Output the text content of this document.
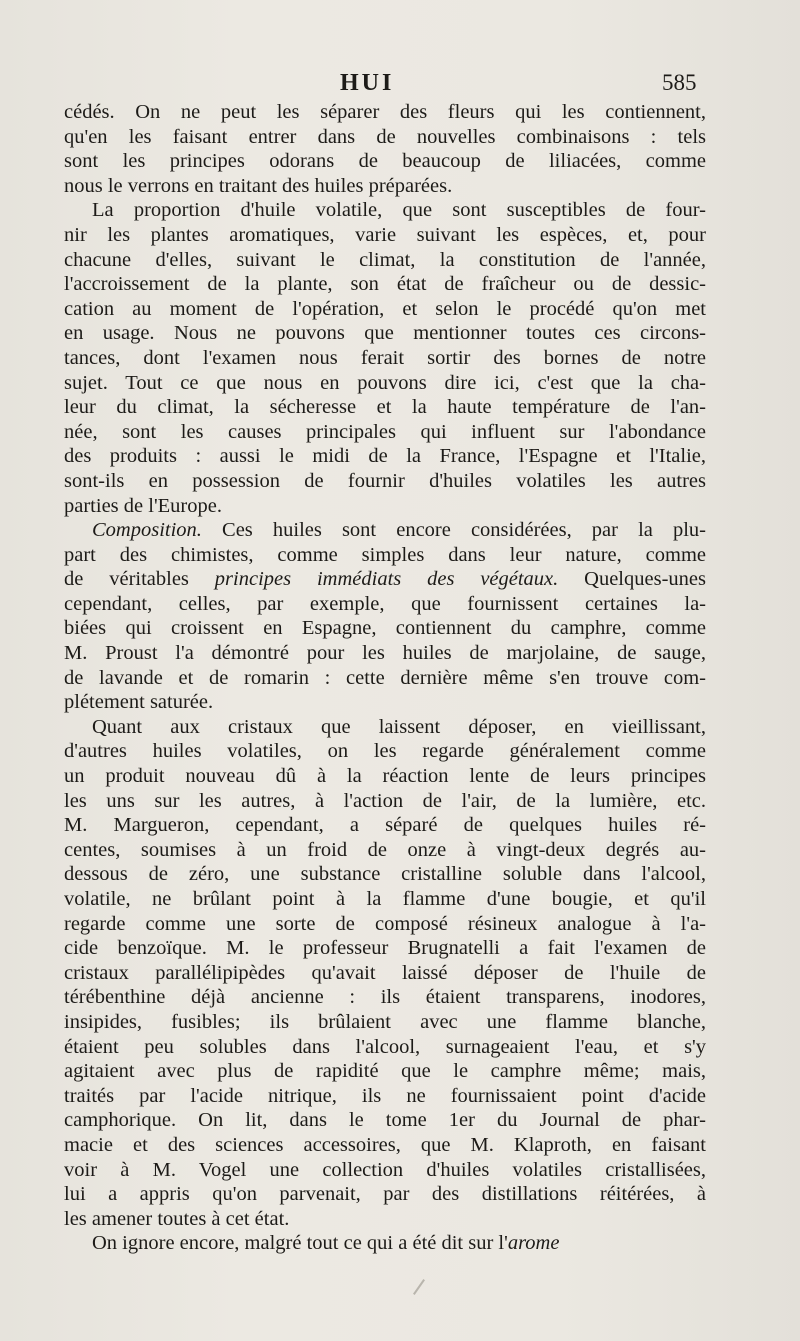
HUI	585
cédés. On ne peut les séparer des fleurs qui les contiennent,
qu'en les faisant entrer dans de nouvelles combinaisons : tels
sont les principes odorans de beaucoup de liliacées, comme
nous le verrons en traitant des huiles préparées.
La proportion d'huile volatile, que sont susceptibles de four-
nir les plantes aromatiques, varie suivant les espèces, et, pour
chacune d'elles, suivant le climat, la constitution de l'année,
l'accroissement de la plante, son état de fraîcheur ou de dessic-
cation au moment de l'opération, et selon le procédé qu'on met
en usage. Nous ne pouvons que mentionner toutes ces circons-
tances, dont l'examen nous ferait sortir des bornes de notre
sujet. Tout ce que nous en pouvons dire ici, c'est que la cha-
leur du climat, la sécheresse et la haute température de l'an-
née, sont les causes principales qui influent sur l'abondance
des produits : aussi le midi de la France, l'Espagne et l'Italie,
sont-ils en possession de fournir d'huiles volatiles les autres
parties de l'Europe.
Composition. Ces huiles sont encore considérées, par la plu-
part des chimistes, comme simples dans leur nature, comme
de véritables principes immédiats des végétaux. Quelques-unes
cependant, celles, par exemple, que fournissent certaines la-
biées qui croissent en Espagne, contiennent du camphre, comme
M. Proust l'a démontré pour les huiles de marjolaine, de sauge,
de lavande et de romarin : cette dernière même s'en trouve com-
plétement saturée.
Quant aux cristaux que laissent déposer, en vieillissant,
d'autres huiles volatiles, on les regarde généralement comme
un produit nouveau dû à la réaction lente de leurs principes
les uns sur les autres, à l'action de l'air, de la lumière, etc.
M. Margueron, cependant, a séparé de quelques huiles ré-
centes, soumises à un froid de onze à vingt-deux degrés au-
dessous de zéro, une substance cristalline soluble dans l'alcool,
volatile, ne brûlant point à la flamme d'une bougie, et qu'il
regarde comme une sorte de composé résineux analogue à l'a-
cide benzoïque. M. le professeur Brugnatelli a fait l'examen de
cristaux parallélipipèdes qu'avait laissé déposer de l'huile de
térébenthine déjà ancienne : ils étaient transparens, inodores,
insipides, fusibles; ils brûlaient avec une flamme blanche,
étaient peu solubles dans l'alcool, surnageaient l'eau, et s'y
agitaient avec plus de rapidité que le camphre même; mais,
traités par l'acide nitrique, ils ne fournissaient point d'acide
camphorique. On lit, dans le tome 1er du Journal de phar-
macie et des sciences accessoires, que M. Klaproth, en faisant
voir à M. Vogel une collection d'huiles volatiles cristallisées,
lui a appris qu'on parvenait, par des distillations réitérées, à
les amener toutes à cet état.
On ignore encore, malgré tout ce qui a été dit sur l'arome
